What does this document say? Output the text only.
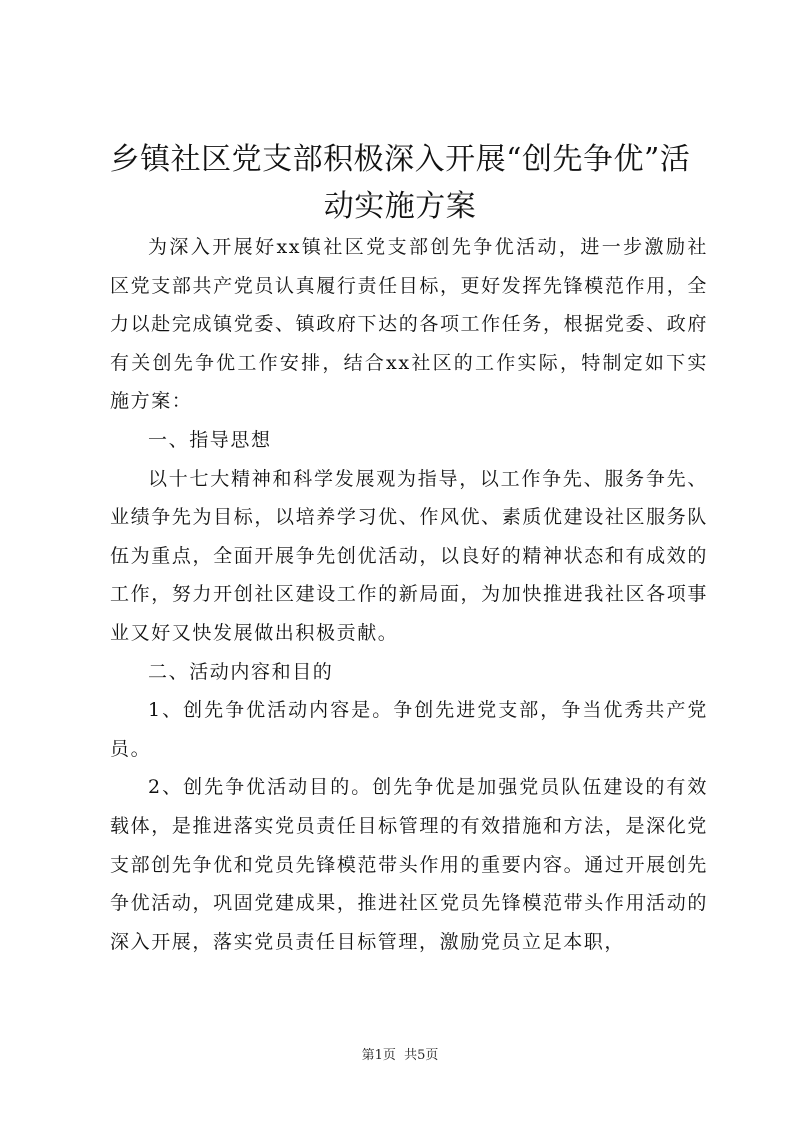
乡镇社区党支部积极深入开展“创先争优”活
动实施方案

为深入开展好xx镇社区党支部创先争优活动，进一步激励社区党支部共产党员认真履行责任目标，更好发挥先锋模范作用，全力以赴完成镇党委、镇政府下达的各项工作任务，根据党委、政府有关创先争优工作安排，结合xx社区的工作实际，特制定如下实施方案：

一、指导思想

以十七大精神和科学发展观为指导，以工作争先、服务争先、业绩争先为目标，以培养学习优、作风优、素质优建设社区服务队伍为重点，全面开展争先创优活动，以良好的精神状态和有成效的工作，努力开创社区建设工作的新局面，为加快推进我社区各项事业又好又快发展做出积极贡献。

二、活动内容和目的

1、创先争优活动内容是。争创先进党支部，争当优秀共产党员。

2、创先争优活动目的。创先争优是加强党员队伍建设的有效载体，是推进落实党员责任目标管理的有效措施和方法，是深化党支部创先争优和党员先锋模范带头作用的重要内容。通过开展创先争优活动，巩固党建成果，推进社区党员先锋模范带头作用活动的深入开展，落实党员责任目标管理，激励党员立足本职，

第1页 共5页
